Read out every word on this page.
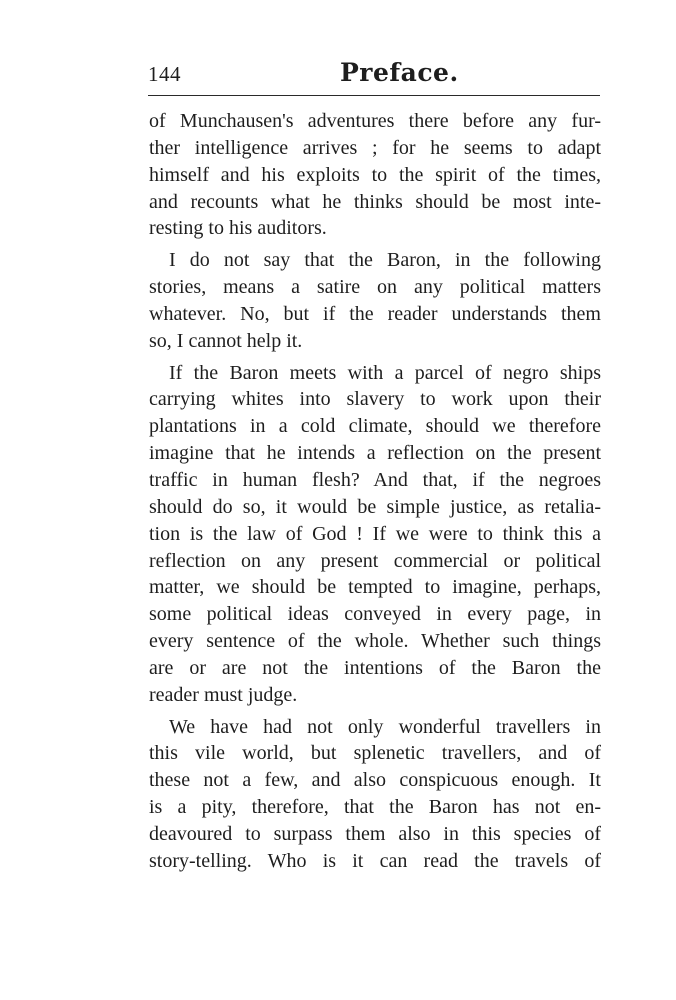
144	Preface.
of Munchausen's adventures there before any fur-
ther intelligence arrives ; for he seems to adapt
himself and his exploits to the spirit of the times,
and recounts what he thinks should be most inte-
resting to his auditors.
I do not say that the Baron, in the following
stories, means a satire on any political matters
whatever. No, but if the reader understands them
so, I cannot help it.
If the Baron meets with a parcel of negro ships
carrying whites into slavery to work upon their
plantations in a cold climate, should we therefore
imagine that he intends a reflection on the present
traffic in human flesh? And that, if the negroes
should do so, it would be simple justice, as retalia-
tion is the law of God ! If we were to think this a
reflection on any present commercial or political
matter, we should be tempted to imagine, perhaps,
some political ideas conveyed in every page, in
every sentence of the whole. Whether such things
are or are not the intentions of the Baron the
reader must judge.
We have had not only wonderful travellers in
this vile world, but splenetic travellers, and of
these not a few, and also conspicuous enough. It
is a pity, therefore, that the Baron has not en-
deavoured to surpass them also in this species of
story-telling. Who is it can read the travels of
